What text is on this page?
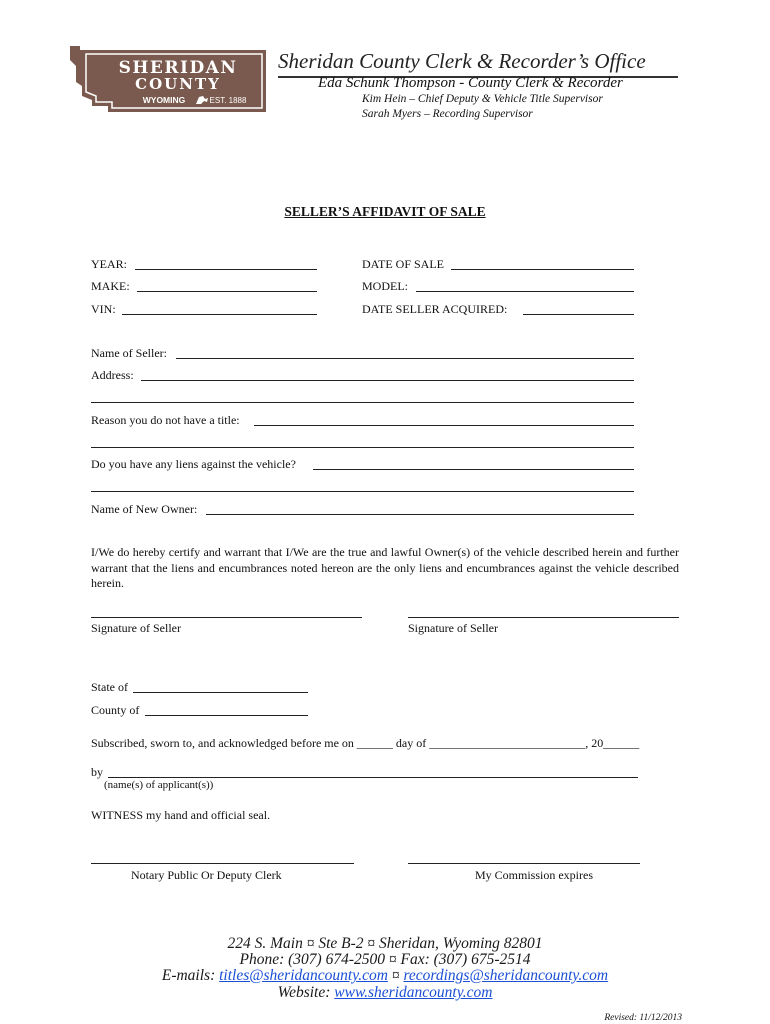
SHERIDAN
COUNTY
WYOMING	EST. 1888
Sheridan County Clerk & Recorder’s Office
Eda Schunk Thompson - County Clerk & Recorder
Kim Hein – Chief Deputy & Vehicle Title Supervisor
Sarah Myers – Recording Supervisor
SELLER’S AFFIDAVIT OF SALE
YEAR:	DATE OF SALE
MAKE:	MODEL:
VIN:	DATE SELLER ACQUIRED:
Name of Seller:
Address:
Reason you do not have a title:
Do you have any liens against the vehicle?
Name of New Owner:
I/We do hereby certify and warrant that I/We are the true and lawful Owner(s) of the vehicle described herein and further warrant that the liens and encumbrances noted hereon are the only liens and encumbrances against the vehicle described herein.
Signature of Seller	Signature of Seller
State of
County of
Subscribed, sworn to, and acknowledged before me on ______ day of __________________________, 20______
by
(name(s) of applicant(s))
WITNESS my hand and official seal.
Notary Public Or Deputy Clerk	My Commission expires
224 S. Main ¤ Ste B-2 ¤ Sheridan, Wyoming 82801
Phone: (307) 674-2500 ¤ Fax: (307) 675-2514
E-mails: titles@sheridancounty.com ¤ recordings@sheridancounty.com
Website: www.sheridancounty.com
Revised: 11/12/2013
